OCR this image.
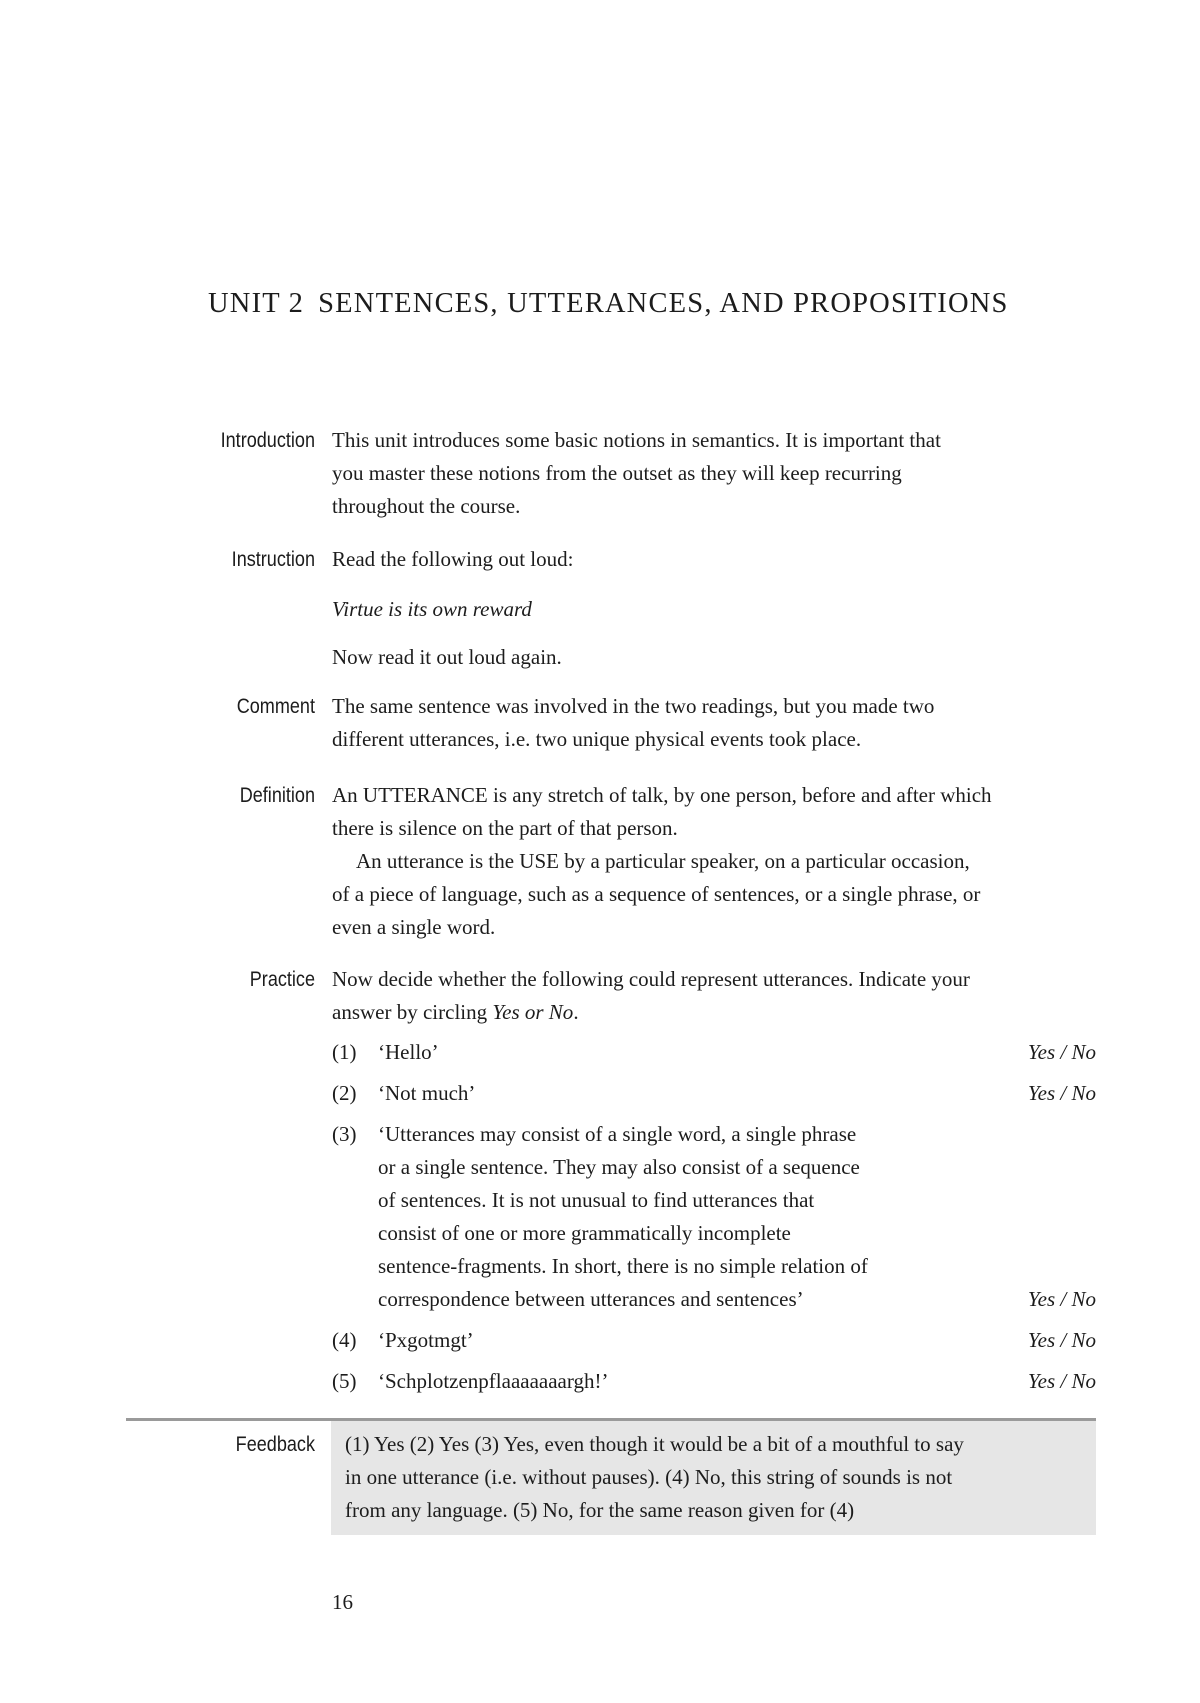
UNIT 2 SENTENCES, UTTERANCES, AND PROPOSITIONS
Introduction This unit introduces some basic notions in semantics. It is important that
you master these notions from the outset as they will keep recurring
throughout the course.
Instruction Read the following out loud:
Virtue is its own reward
Now read it out loud again.
Comment The same sentence was involved in the two readings, but you made two
different utterances, i.e. two unique physical events took place.
Definition An UTTERANCE is any stretch of talk, by one person, before and after which
there is silence on the part of that person.
An utterance is the USE by a particular speaker, on a particular occasion,
of a piece of language, such as a sequence of sentences, or a single phrase, or
even a single word.
Practice Now decide whether the following could represent utterances. Indicate your
answer by circling Yes or No.
(1) ‘Hello’	Yes / No
(2) ‘Not much’	Yes / No
(3) ‘Utterances may consist of a single word, a single phrase
or a single sentence. They may also consist of a sequence
of sentences. It is not unusual to find utterances that
consist of one or more grammatically incomplete
sentence-fragments. In short, there is no simple relation of
correspondence between utterances and sentences’	Yes / No
(4) ‘Pxgotmgt’	Yes / No
(5) ‘Schplotzenpflaaaaaaargh!’	Yes / No
Feedback (1) Yes (2) Yes (3) Yes, even though it would be a bit of a mouthful to say
in one utterance (i.e. without pauses). (4) No, this string of sounds is not
from any language. (5) No, for the same reason given for (4)
16
